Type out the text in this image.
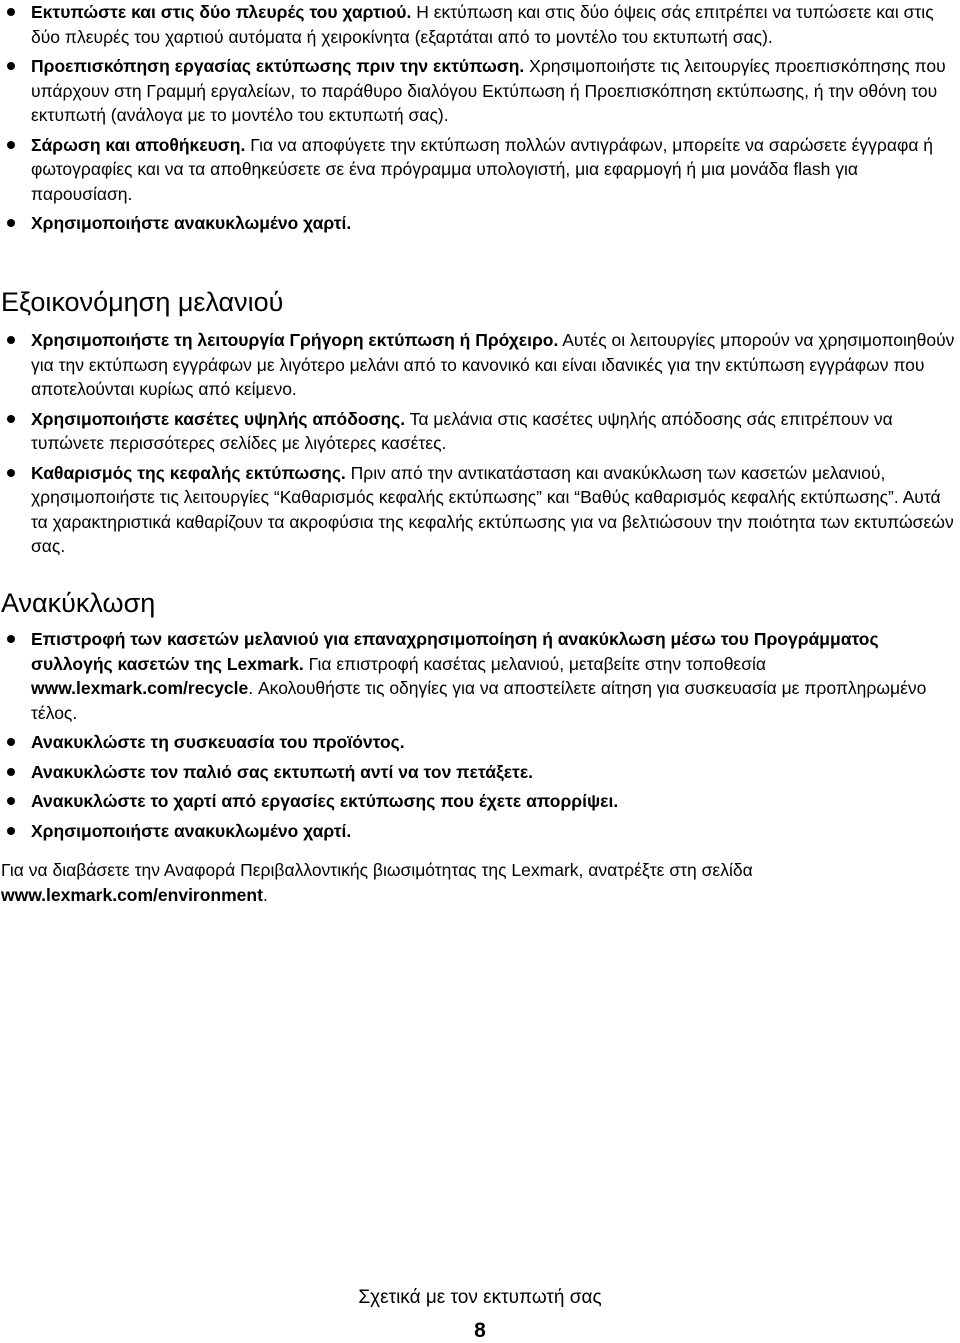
Εκτυπώστε και στις δύο πλευρές του χαρτιού. Η εκτύπωση και στις δύο όψεις σάς επιτρέπει να τυπώσετε και στις δύο πλευρές του χαρτιού αυτόματα ή χειροκίνητα (εξαρτάται από το μοντέλο του εκτυπωτή σας).
Προεπισκόπηση εργασίας εκτύπωσης πριν την εκτύπωση. Χρησιμοποιήστε τις λειτουργίες προεπισκόπησης που υπάρχουν στη Γραμμή εργαλείων, το παράθυρο διαλόγου Εκτύπωση ή Προεπισκόπηση εκτύπωσης, ή την οθόνη του εκτυπωτή (ανάλογα με το μοντέλο του εκτυπωτή σας).
Σάρωση και αποθήκευση. Για να αποφύγετε την εκτύπωση πολλών αντιγράφων, μπορείτε να σαρώσετε έγγραφα ή φωτογραφίες και να τα αποθηκεύσετε σε ένα πρόγραμμα υπολογιστή, μια εφαρμογή ή μια μονάδα flash για παρουσίαση.
Χρησιμοποιήστε ανακυκλωμένο χαρτί.
Εξοικονόμηση μελανιού
Χρησιμοποιήστε τη λειτουργία Γρήγορη εκτύπωση ή Πρόχειρο. Αυτές οι λειτουργίες μπορούν να χρησιμοποιηθούν για την εκτύπωση εγγράφων με λιγότερο μελάνι από το κανονικό και είναι ιδανικές για την εκτύπωση εγγράφων που αποτελούνται κυρίως από κείμενο.
Χρησιμοποιήστε κασέτες υψηλής απόδοσης. Τα μελάνια στις κασέτες υψηλής απόδοσης σάς επιτρέπουν να τυπώνετε περισσότερες σελίδες με λιγότερες κασέτες.
Καθαρισμός της κεφαλής εκτύπωσης. Πριν από την αντικατάσταση και ανακύκλωση των κασετών μελανιού, χρησιμοποιήστε τις λειτουργίες “Καθαρισμός κεφαλής εκτύπωσης” και “Βαθύς καθαρισμός κεφαλής εκτύπωσης”. Αυτά τα χαρακτηριστικά καθαρίζουν τα ακροφύσια της κεφαλής εκτύπωσης για να βελτιώσουν την ποιότητα των εκτυπώσεών σας.
Ανακύκλωση
Επιστροφή των κασετών μελανιού για επαναχρησιμοποίηση ή ανακύκλωση μέσω του Προγράμματος συλλογής κασετών της Lexmark. Για επιστροφή κασέτας μελανιού, μεταβείτε στην τοποθεσία www.lexmark.com/recycle. Ακολουθήστε τις οδηγίες για να αποστείλετε αίτηση για συσκευασία με προπληρωμένο τέλος.
Ανακυκλώστε τη συσκευασία του προϊόντος.
Ανακυκλώστε τον παλιό σας εκτυπωτή αντί να τον πετάξετε.
Ανακυκλώστε το χαρτί από εργασίες εκτύπωσης που έχετε απορρίψει.
Χρησιμοποιήστε ανακυκλωμένο χαρτί.

Για να διαβάσετε την Αναφορά Περιβαλλοντικής βιωσιμότητας της Lexmark, ανατρέξτε στη σελίδα www.lexmark.com/environment.

Σχετικά με τον εκτυπωτή σας
8
